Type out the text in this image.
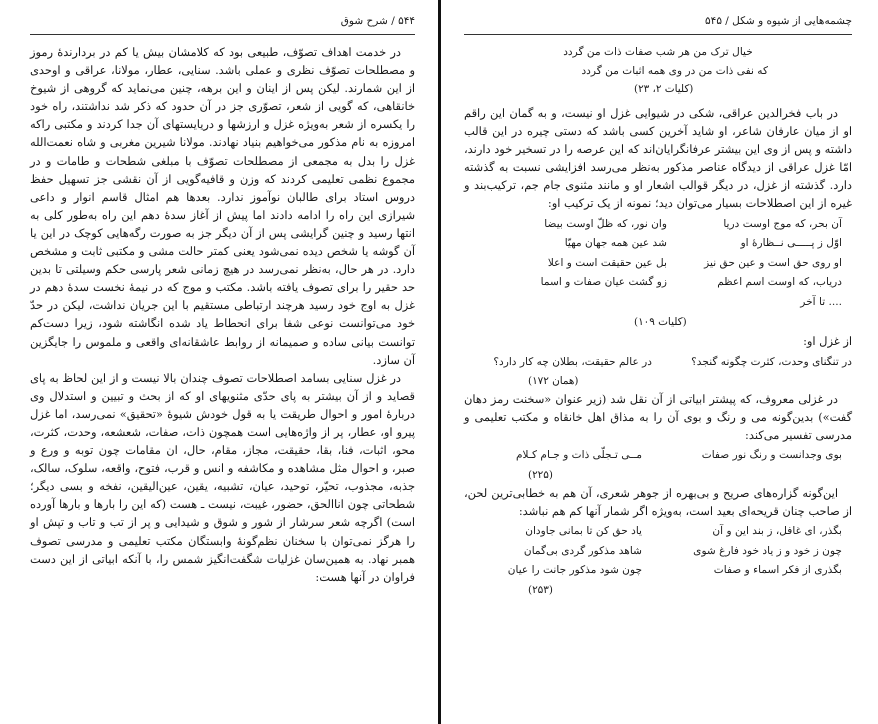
۵۴۴ / شرح شوق

در خدمت اهداف تصوّف، طبیعی بود که کلامشان بیش یا کم در بردارندهٔ رموز و مصطلحات تصوّف نظری و عملی باشد. سنایی، عطار، مولانا، عراقی و اوحدی از این شمارند. لیکن پس از اینان و این برهه، چنین می‌نماید که گروهی از شیوخ خانقاهی، که گویی از شعر، تصوّری جز در آن حدود که ذکر شد نداشتند، راه خود را یکسره از شعر به‌ویژه غزل و ارزشها و دریایستهای آن جدا کردند و مکتبی راکه امروزه به نام مذکور می‌خواهیم بنیاد نهادند. مولانا شیرین مغربی و شاه نعمت‌الله غزل را بدل به مجمعی از مصطلحات تصوّف با مبلغی شطحات و طامات و در مجموع نظمی تعلیمی کردند که وزن و قافیه‌گویی از آن نقشی جز تسهیل حفظ دروس استاد برای طالبان نوآموز ندارد. بعدها هم امثال قاسم انوار و داعی شیرازی این راه را ادامه دادند اما پیش از آغاز سدهٔ دهم این راه به‌طور کلی به انتها رسید و چنین گرایشی پس از آن دیگر جز به صورت رگه‌هایی کوچک در این یا آن گوشه یا شخص دیده نمی‌شود یعنی کمتر حالت مشی و مکتبی ثابت و مشخص دارد. در هر حال، به‌نظر نمی‌رسد در هیچ زمانی شعر پارسی حکم وسیلتی تا بدین حد حقیر را برای تصوف یافته باشد. مکتب و موج که در نیمهٔ نخست سدهٔ دهم در غزل به اوج خود رسید هرچند ارتباطی مستقیم با این جریان نداشت، لیکن در حدّ خود می‌توانست نوعی شفا برای انحطاط یاد شده انگاشته شود، زیرا دست‌کم توانست بیانی ساده و صمیمانه از روابط عاشقانه‌ای واقعی و ملموس را جایگزین آن سازد.

در غزل سنایی بسامد اصطلاحات تصوف چندان بالا نیست و از این لحاظ به پای قصاید و از آن بیشتر به پای حدّی مثنویهای او که از بحث و تبیین و استدلال وی دربارهٔ امور و احوال طریقت یا به قول خودش شیوهٔ «تحقیق» نمی‌رسد، اما غزل پیرو او، عطار، پر از واژه‌هایی است همچون ذات، صفات، شعشعه، وحدت، کثرت، محو، اثبات، فنا، بقا، حقیقت، مجاز، مقام، حال، ان مقامات چون توبه و ورع و صبر، و احوال مثل مشاهده و مکاشفه و انس و قرب، فتوح، واقعه، سلوک، سالک، جذبه، مجذوب، تحیّر، توحید، عیان، تشبیه، یقین، عین‌الیقین، نفخه و بسی دیگر؛ شطحاتی چون اناالحق، حضور، غیبت، نیست ـ هست (که این را بارها و بارها آورده است) اگرچه شعر سرشار از شور و شوق و شیدایی و پر از تب و تاب و تپش او را هرگز نمی‌توان با سخنان نظم‌گونهٔ وابستگان مکتب تعلیمی و مدرسی تصوف همبر نهاد. به همین‌سان غزلیات شگفت‌انگیز شمس را، با آنکه ابیاتی از این دست فراوان در آنها هست:

چشمه‌هایی از شیوه و شکل / ۵۴۵
خیال ترک من هر شب صفات ذات من گردد
که نفی ذات من در وی همه اثبات من گردد
(کلیات ۲، ۲۳)

در باب فخرالدین عراقی، شکی در شیوایی غزل او نیست، و به گمان این راقم او از میان عارفان شاعر، او شاید آخرین کسی باشد که دستی چیره در این قالب داشته و پس از وی این بیشتر عرفانگرایان‌اند که این عرصه را در تسخیر خود دارند، امّا غزل عراقی از دیدگاه عناصر مذکور به‌نظر می‌رسد افزایشی نسبت به گذشته دارد. گذشته از غزل، در دیگر قوالب اشعار او و مانند مثنوی جام جم، ترکیب‌بند و غیره از این اصطلاحات بسیار می‌توان دید؛ نمونه از یک ترکیب او:

آن بحر، که موج اوست دریا
وان نور، که ظلّ اوست بیضا
اوّل ز پـــــی نــظارهٔ او
شد عین همه جهان مهیّا
او روی حق است و عین حق نیز
بل عین حقیقت است و اعلا
دریاب، که اوست اسم اعظم
زو گشت عیان صفات و اسما
.... تا آخر
(کلیات ۱۰۹)
از غزل او:
در تنگنای وحدت، کثرت چگونه گنجد؟
در عالم حقیقت، بطلان چه کار دارد؟
(همان ۱۷۲)

در غزلی معروف، که پیشتر ابیاتی از آن نقل شد (زیر عنوان «سخنت رمز دهان گفت») بدین‌گونه می و رنگ و بوی آن را به مذاق اهل خانقاه و مکتب تعلیمی و مدرسی تفسیر می‌کند:

بوی وجدانست و رنگ نور صفات
مــی تـجلّی ذات و جـام کـلام
(۲۲۵)

این‌گونه گزاره‌های صریح و بی‌بهره از جوهر شعری، آن هم به خطابی‌ترین لحن، از صاحب چنان قریحه‌ای بعید است، به‌ویژه اگر شمار آنها کم هم نباشد:

بگذر، ای غافل، ز بند این و آن
یاد حق کن تا بمانی جاودان
چون ز خود و ز یاد خود فارغ شوی
شاهد مذکور گردی بی‌گمان
بگذری از فکر اسماء و صفات
چون شود مذکور جانت را عیان
(۲۵۳)
